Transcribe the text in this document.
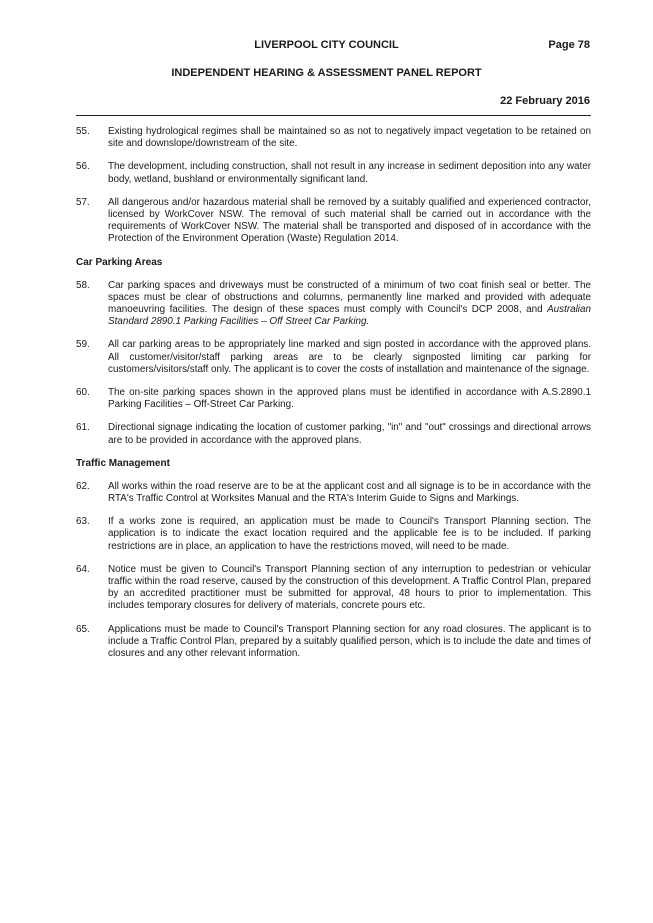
LIVERPOOL CITY COUNCIL	Page 78
INDEPENDENT HEARING & ASSESSMENT PANEL REPORT
22 February 2016
55.	Existing hydrological regimes shall be maintained so as not to negatively impact vegetation to be retained on site and downslope/downstream of the site.
56.	The development, including construction, shall not result in any increase in sediment deposition into any water body, wetland, bushland or environmentally significant land.
57.	All dangerous and/or hazardous material shall be removed by a suitably qualified and experienced contractor, licensed by WorkCover NSW. The removal of such material shall be carried out in accordance with the requirements of WorkCover NSW. The material shall be transported and disposed of in accordance with the Protection of the Environment Operation (Waste) Regulation 2014.
Car Parking Areas
58.	Car parking spaces and driveways must be constructed of a minimum of two coat finish seal or better. The spaces must be clear of obstructions and columns, permanently line marked and provided with adequate manoeuvring facilities. The design of these spaces must comply with Council's DCP 2008, and Australian Standard 2890.1 Parking Facilities – Off Street Car Parking.
59.	All car parking areas to be appropriately line marked and sign posted in accordance with the approved plans. All customer/visitor/staff parking areas are to be clearly signposted limiting car parking for customers/visitors/staff only. The applicant is to cover the costs of installation and maintenance of the signage.
60.	The on-site parking spaces shown in the approved plans must be identified in accordance with A.S.2890.1 Parking Facilities – Off-Street Car Parking.
61.	Directional signage indicating the location of customer parking, "in" and "out" crossings and directional arrows are to be provided in accordance with the approved plans.
Traffic Management
62.	All works within the road reserve are to be at the applicant cost and all signage is to be in accordance with the RTA's Traffic Control at Worksites Manual and the RTA's Interim Guide to Signs and Markings.
63.	If a works zone is required, an application must be made to Council's Transport Planning section. The application is to indicate the exact location required and the applicable fee is to be included. If parking restrictions are in place, an application to have the restrictions moved, will need to be made.
64.	Notice must be given to Council's Transport Planning section of any interruption to pedestrian or vehicular traffic within the road reserve, caused by the construction of this development. A Traffic Control Plan, prepared by an accredited practitioner must be submitted for approval, 48 hours to prior to implementation. This includes temporary closures for delivery of materials, concrete pours etc.
65.	Applications must be made to Council's Transport Planning section for any road closures. The applicant is to include a Traffic Control Plan, prepared by a suitably qualified person, which is to include the date and times of closures and any other relevant information.
